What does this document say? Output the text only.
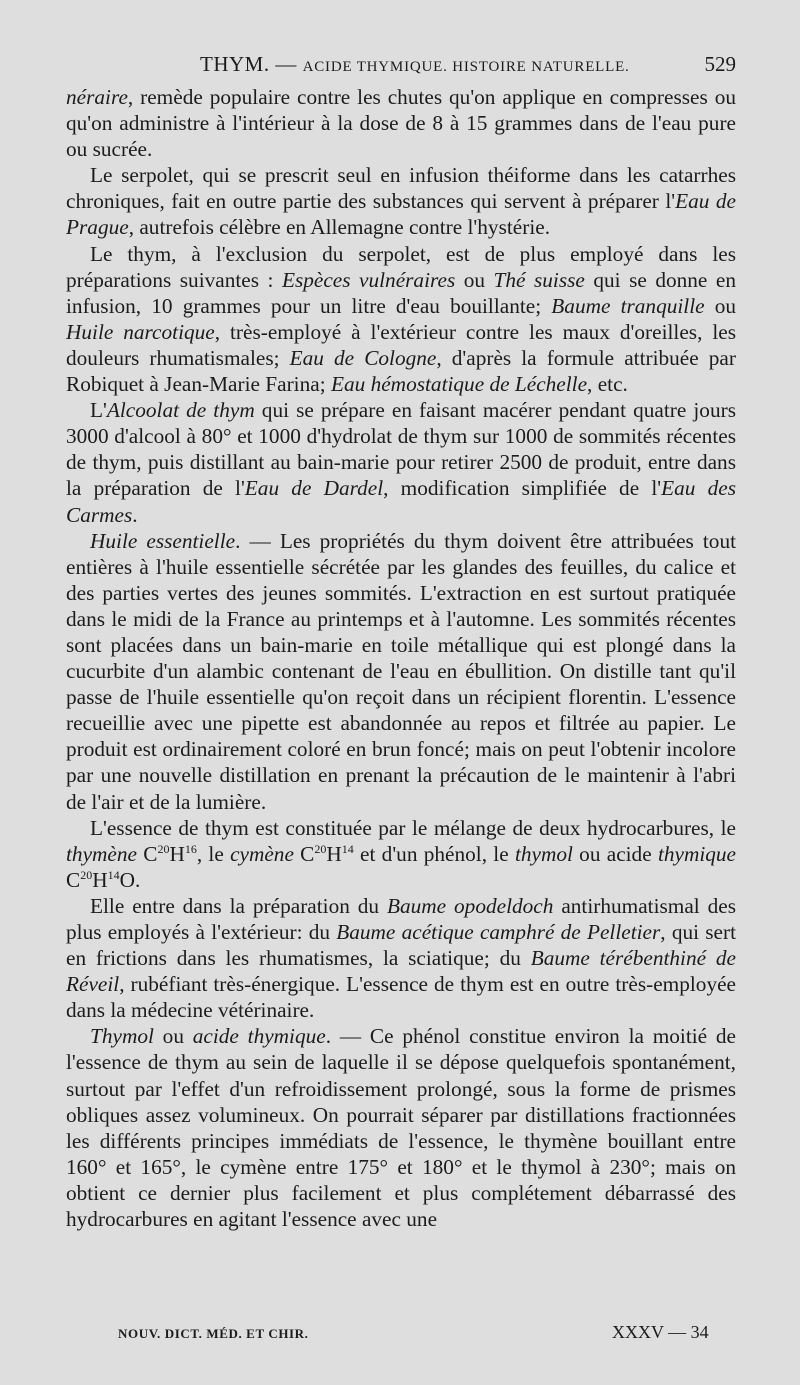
THYM. — ACIDE THYMIQUE. HISTOIRE NATURELLE.	529

néraire, remède populaire contre les chutes qu'on applique en compresses ou qu'on administre à l'intérieur à la dose de 8 à 15 grammes dans de l'eau pure ou sucrée.

Le serpolet, qui se prescrit seul en infusion théiforme dans les catarrhes chroniques, fait en outre partie des substances qui servent à préparer l'Eau de Prague, autrefois célèbre en Allemagne contre l'hystérie.

Le thym, à l'exclusion du serpolet, est de plus employé dans les préparations suivantes : Espèces vulnéraires ou Thé suisse qui se donne en infusion, 10 grammes pour un litre d'eau bouillante; Baume tranquille ou Huile narcotique, très-employé à l'extérieur contre les maux d'oreilles, les douleurs rhumatismales; Eau de Cologne, d'après la formule attribuée par Robiquet à Jean-Marie Farina; Eau hémostatique de Léchelle, etc.

L'Alcoolat de thym qui se prépare en faisant macérer pendant quatre jours 3000 d'alcool à 80° et 1000 d'hydrolat de thym sur 1000 de sommités récentes de thym, puis distillant au bain-marie pour retirer 2500 de produit, entre dans la préparation de l'Eau de Dardel, modification simplifiée de l'Eau des Carmes.

Huile essentielle. — Les propriétés du thym doivent être attribuées tout entières à l'huile essentielle sécrétée par les glandes des feuilles, du calice et des parties vertes des jeunes sommités. L'extraction en est surtout pratiquée dans le midi de la France au printemps et à l'automne. Les sommités récentes sont placées dans un bain-marie en toile métallique qui est plongé dans la cucurbite d'un alambic contenant de l'eau en ébullition. On distille tant qu'il passe de l'huile essentielle qu'on reçoit dans un récipient florentin. L'essence recueillie avec une pipette est abandonnée au repos et filtrée au papier. Le produit est ordinairement coloré en brun foncé; mais on peut l'obtenir incolore par une nouvelle distillation en prenant la précaution de le maintenir à l'abri de l'air et de la lumière.

L'essence de thym est constituée par le mélange de deux hydrocarbures, le thymène $C^{20}H^{16}$, le cymène $C^{20}H^{14}$ et d'un phénol, le thymol ou acide thymique $C^{20}H^{14}O$.

Elle entre dans la préparation du Baume opodeldoch antirhumatismal des plus employés à l'extérieur: du Baume acétique camphré de Pelletier, qui sert en frictions dans les rhumatismes, la sciatique; du Baume térébenthiné de Réveil, rubéfiant très-énergique. L'essence de thym est en outre très-employée dans la médecine vétérinaire.

Thymol ou acide thymique. — Ce phénol constitue environ la moitié de l'essence de thym au sein de laquelle il se dépose quelquefois spontanément, surtout par l'effet d'un refroidissement prolongé, sous la forme de prismes obliques assez volumineux. On pourrait séparer par distillations fractionnées les différents principes immédiats de l'essence, le thymène bouillant entre 160° et 165°, le cymène entre 175° et 180° et le thymol à 230°; mais on obtient ce dernier plus facilement et plus complétement débarrassé des hydrocarbures en agitant l'essence avec une

NOUV. DICT. MÉD. ET CHIR.	XXXV — 34
